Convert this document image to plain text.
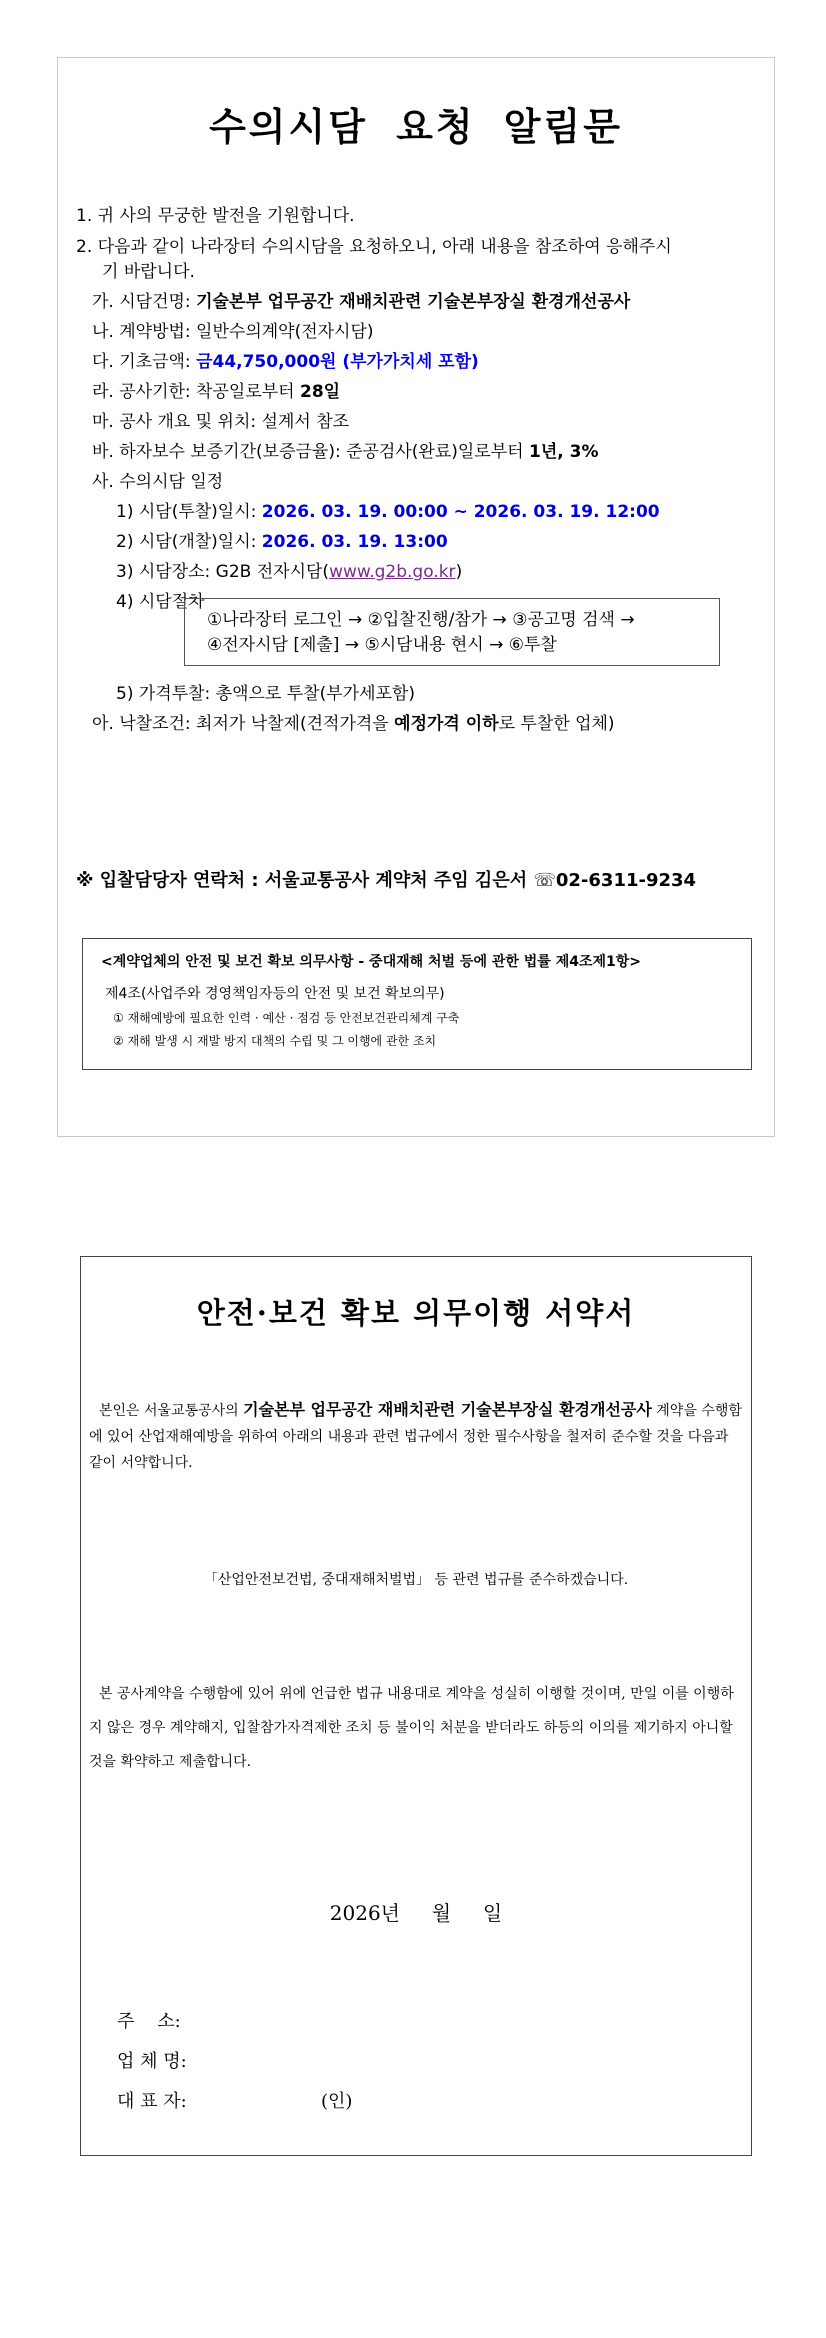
수의시담 요청 알림문
1. 귀 사의 무궁한 발전을 기원합니다.
2. 다음과 같이 나라장터 수의시담을 요청하오니, 아래 내용을 참조하여 응해주시
기 바랍니다.
가. 시담건명: 기술본부 업무공간 재배치관련 기술본부장실 환경개선공사
나. 계약방법: 일반수의계약(전자시담)
다. 기초금액: 금44,750,000원 (부가가치세 포함)
라. 공사기한: 착공일로부터 28일
마. 공사 개요 및 위치: 설계서 참조
바. 하자보수 보증기간(보증금율): 준공검사(완료)일로부터 1년, 3%
사. 수의시담 일정
1) 시담(투찰)일시: 2026. 03. 19. 00:00 ~ 2026. 03. 19. 12:00
2) 시담(개찰)일시: 2026. 03. 19. 13:00
3) 시담장소: G2B 전자시담(www.g2b.go.kr)
4) 시담절차
①나라장터 로그인 → ②입찰진행/참가 → ③공고명 검색 →
④전자시담 [제출] → ⑤시담내용 현시 → ⑥투찰
5) 가격투찰: 총액으로 투찰(부가세포함)
아. 낙찰조건: 최저가 낙찰제(견적가격을 예정가격 이하로 투찰한 업체)
※ 입찰담당자 연락처 : 서울교통공사 계약처 주임 김은서 ☏02-6311-9234
<계약업체의 안전 및 보건 확보 의무사항 - 중대재해 처벌 등에 관한 법률 제4조제1항>
제4조(사업주와 경영책임자등의 안전 및 보건 확보의무)
① 재해예방에 필요한 인력 · 예산 · 점검 등 안전보건관리체계 구축
② 재해 발생 시 재발 방지 대책의 수립 및 그 이행에 관한 조치
안전·보건 확보 의무이행 서약서
본인은 서울교통공사의 기술본부 업무공간 재배치관련 기술본부장실 환경개선공사 계약을 수행함에 있어 산업재해예방을 위하여 아래의 내용과 관련 법규에서 정한 필수사항을 철저히 준수할 것을 다음과 같이 서약합니다.
「산업안전보건법, 중대재해처벌법」 등 관련 법규를 준수하겠습니다.
본 공사계약을 수행함에 있어 위에 언급한 법규 내용대로 계약을 성실히 이행할 것이며, 만일 이를 이행하지 않은 경우 계약해지, 입찰참가자격제한 조치 등 불이익 처분을 받더라도 하등의 이의를 제기하지 아니할 것을 확약하고 제출합니다.
2026년     월     일
주    소:
업 체 명:
대 표 자:	(인)
